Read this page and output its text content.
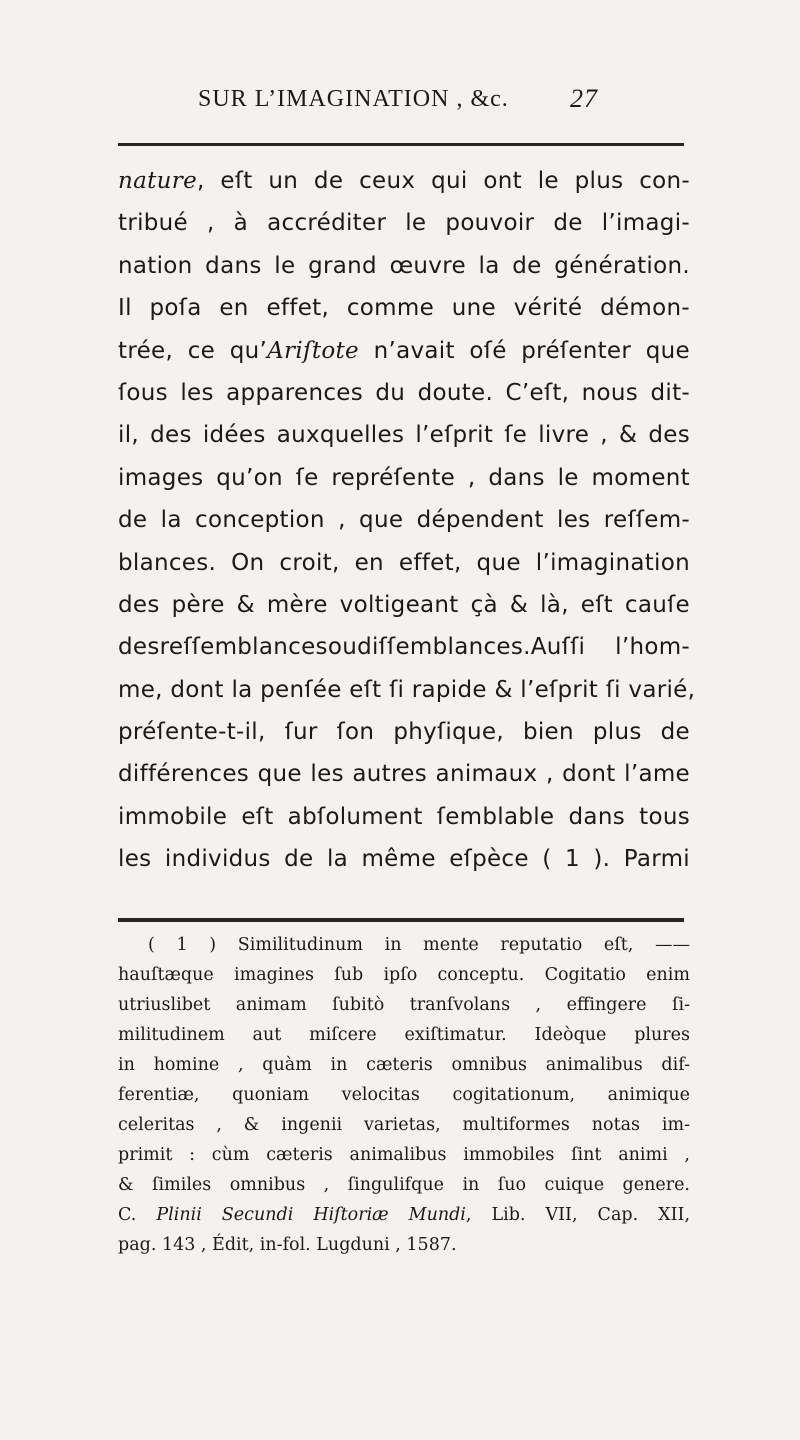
SUR L’IMAGINATION , &c. 27
nature, eſt un de ceux qui ont le plus con-
tribué , à accréditer le pouvoir de l’imagi-
nation dans le grand œuvre la de génération.
Il poſa en effet, comme une vérité démon-
trée, ce qu’Ariſtote n’avait oſé préſenter que
ſous les apparences du doute. C’eſt, nous dit-
il, des idées auxquelles l’eſprit ſe livre , & des
images qu’on ſe repréſente , dans le moment
de la conception , que dépendent les reſſem-
blances. On croit, en effet, que l’imagination
des père & mère voltigeant çà & là, eſt cauſe
desreſſemblancesoudiſſemblances.Auſſi l’hom-
me, dont la penſée eſt ſi rapide & l’eſprit ſi varié,
préſente-t-il, ſur ſon phyſique, bien plus de
différences que les autres animaux , dont l’ame
immobile eſt abſolument ſemblable dans tous
les individus de la même eſpèce ( 1 ). Parmi
( 1 ) Similitudinum in mente reputatio eſt, ——
hauſtæque imagines ſub ipſo conceptu. Cogitatio enim
utriuslibet animam ſubitò tranſvolans , effingere ſi-
militudinem aut miſcere exiſtimatur. Ideòque plures
in homine , quàm in cæteris omnibus animalibus dif-
ferentiæ, quoniam velocitas cogitationum, animique
celeritas , & ingenii varietas, multiformes notas im-
primit : cùm cæteris animalibus immobiles ſint animi ,
& ſimiles omnibus , ſingulifque in ſuo cuique genere.
C. Plinii Secundi Hiſtoriæ Mundi, Lib. VII, Cap. XII,
pag. 143 , Édit, in-fol. Lugduni , 1587.
